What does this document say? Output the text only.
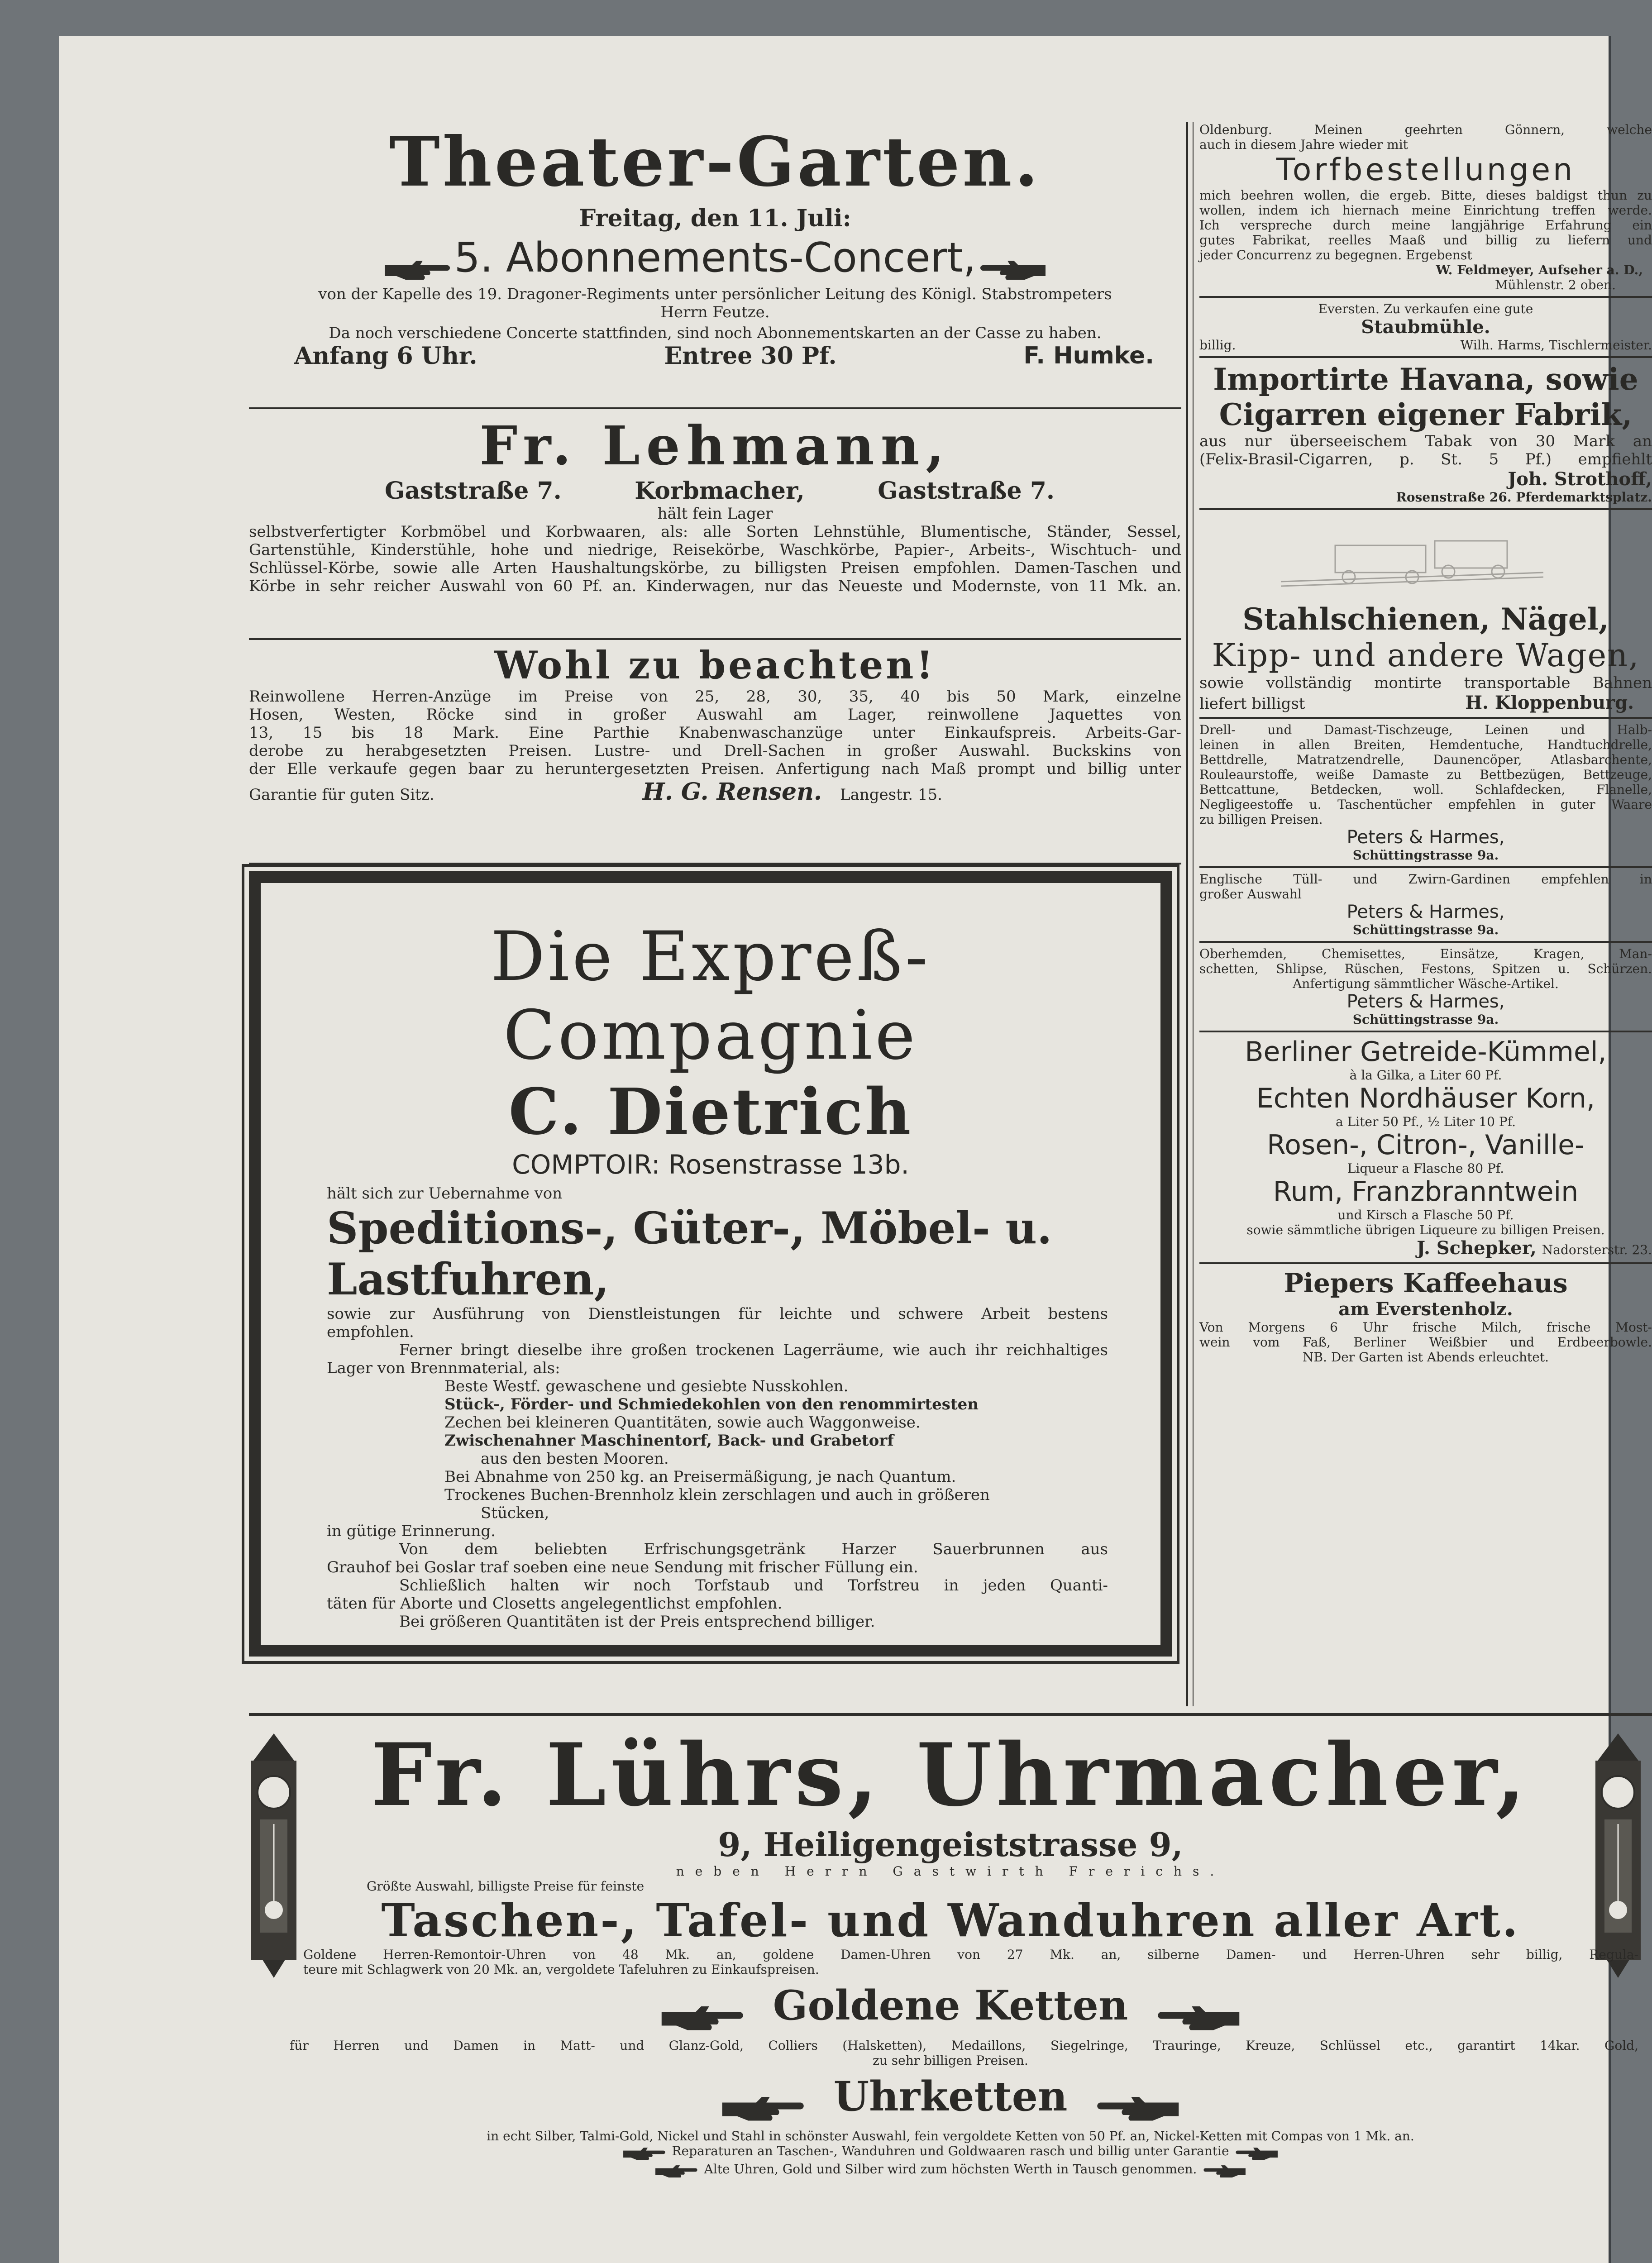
Theater-Garten.
Freitag, den 11. Juli:
5. Abonnements-Concert,
von der Kapelle des 19. Dragoner-Regiments unter persönlicher Leitung des Königl. Stabstrompeters
Herrn Feutze.
Da noch verschiedene Concerte stattfinden, sind noch Abonnementskarten an der Casse zu haben.
Anfang 6 Uhr.	Entree 30 Pf.	F. Humke.
Fr. Lehmann,
Gaststraße 7.	Korbmacher,	Gaststraße 7.
hält fein Lager
selbstverfertigter Korbmöbel und Korbwaaren, als: alle Sorten Lehnstühle, Blumentische, Ständer, Sessel,
Gartenstühle, Kinderstühle, hohe und niedrige, Reisekörbe, Waschkörbe, Papier-, Arbeits-, Wischtuch- und
Schlüssel-Körbe, sowie alle Arten Haushaltungskörbe, zu billigsten Preisen empfohlen. Damen-Taschen und
Körbe in sehr reicher Auswahl von 60 Pf. an. Kinderwagen, nur das Neueste und Modernste, von 11 Mk. an.
Wohl zu beachten!
Reinwollene Herren-Anzüge im Preise von 25, 28, 30, 35, 40 bis 50 Mark, einzelne
Hosen, Westen, Röcke sind in großer Auswahl am Lager, reinwollene Jaquettes von
13, 15 bis 18 Mark. Eine Parthie Knabenwaschanzüge unter Einkaufspreis. Arbeits-Gar-
derobe zu herabgesetzten Preisen. Lustre- und Drell-Sachen in großer Auswahl. Buckskins von
der Elle verkaufe gegen baar zu heruntergesetzten Preisen. Anfertigung nach Maß prompt und billig unter
Garantie für guten Sitz.	H. G. Rensen. Langestr. 15.
Die Expreß-Compagnie
C. Dietrich
COMPTOIR: Rosenstrasse 13b.
hält sich zur Uebernahme von
Speditions-, Güter-, Möbel- u. Lastfuhren,
sowie zur Ausführung von Dienstleistungen für leichte und schwere Arbeit bestens
empfohlen.
Ferner bringt dieselbe ihre großen trockenen Lagerräume, wie auch ihr reichhaltiges
Lager von Brennmaterial, als:
Beste Westf. gewaschene und gesiebte Nusskohlen.
Stück-, Förder- und Schmiedekohlen von den renommirtesten
Zechen bei kleineren Quantitäten, sowie auch Waggonweise.
Zwischenahner Maschinentorf, Back- und Grabetorf
aus den besten Mooren.
Bei Abnahme von 250 kg. an Preisermäßigung, je nach Quantum.
Trockenes Buchen-Brennholz klein zerschlagen und auch in größeren
Stücken,
in gütige Erinnerung.
Von dem beliebten Erfrischungsgetränk Harzer Sauerbrunnen aus
Grauhof bei Goslar traf soeben eine neue Sendung mit frischer Füllung ein.
Schließlich halten wir noch Torfstaub und Torfstreu in jeden Quanti-
täten für Aborte und Closetts angelegentlichst empfohlen.
Bei größeren Quantitäten ist der Preis entsprechend billiger.
Oldenburg. Meinen geehrten Gönnern, welche
auch in diesem Jahre wieder mit
Torfbestellungen
mich beehren wollen, die ergeb. Bitte, dieses baldigst thun zu
wollen, indem ich hiernach meine Einrichtung treffen werde.
Ich verspreche durch meine langjährige Erfahrung ein
gutes Fabrikat, reelles Maaß und billig zu liefern und
jeder Concurrenz zu begegnen. Ergebenst
W. Feldmeyer, Aufseher a. D.,
Mühlenstr. 2 oben.
Eversten. Zu verkaufen eine gute
Staubmühle.
billig.	Wilh. Harms, Tischlermeister.
Importirte Havana, sowie
Cigarren eigener Fabrik,
aus nur überseeischem Tabak von 30 Mark an
(Felix-Brasil-Cigarren, p. St. 5 Pf.) empfiehlt
Joh. Strothoff,
Rosenstraße 26. Pferdemarktsplatz.
Stahlschienen, Nägel,
Kipp- und andere Wagen,
sowie vollständig montirte transportable Bahnen
liefert billigst	H. Kloppenburg.
Drell- und Damast-Tischzeuge, Leinen und Halb-
leinen in allen Breiten, Hemdentuche, Handtuchdrelle,
Bettdrelle, Matratzendrelle, Daunencöper, Atlasbarchente,
Rouleaurstoffe, weiße Damaste zu Bettbezügen, Bettzeuge,
Bettcattune, Betdecken, woll. Schlafdecken, Flanelle,
Negligeestoffe u. Taschentücher empfehlen in guter Waare
zu billigen Preisen.
Peters & Harmes,
Schüttingstrasse 9a.
Englische Tüll- und Zwirn-Gardinen empfehlen in
großer Auswahl
Peters & Harmes,
Schüttingstrasse 9a.
Oberhemden, Chemisettes, Einsätze, Kragen, Man-
schetten, Shlipse, Rüschen, Festons, Spitzen u. Schürzen.
Anfertigung sämmtlicher Wäsche-Artikel.
Peters & Harmes,
Schüttingstrasse 9a.
Berliner Getreide-Kümmel,
à la Gilka, a Liter 60 Pf.
Echten Nordhäuser Korn,
a Liter 50 Pf., ½ Liter 10 Pf.
Rosen-, Citron-, Vanille-
Liqueur a Flasche 80 Pf.
Rum, Franzbranntwein
und Kirsch a Flasche 50 Pf.
sowie sämmtliche übrigen Liqueure zu billigen Preisen.
J. Schepker, Nadorsterstr. 23.
Piepers Kaffeehaus
am Everstenholz.
Von Morgens 6 Uhr frische Milch, frische Most-
wein vom Faß, Berliner Weißbier und Erdbeerbowle.
NB. Der Garten ist Abends erleuchtet.
Fr. Lührs, Uhrmacher,
9, Heiligengeiststrasse 9,
neben Herrn Gastwirth Frerichs.
Größte Auswahl, billigste Preise für feinste
Taschen-, Tafel- und Wanduhren aller Art.
Goldene Herren-Remontoir-Uhren von 48 Mk. an, goldene Damen-Uhren von 27 Mk. an, silberne Damen- und Herren-Uhren sehr billig, Regula-
teure mit Schlagwerk von 20 Mk. an, vergoldete Tafeluhren zu Einkaufspreisen.
Goldene Ketten
für Herren und Damen in Matt- und Glanz-Gold, Colliers (Halsketten), Medaillons, Siegelringe, Trauringe, Kreuze, Schlüssel etc., garantirt 14kar. Gold,
zu sehr billigen Preisen.
Uhrketten
in echt Silber, Talmi-Gold, Nickel und Stahl in schönster Auswahl, fein vergoldete Ketten von 50 Pf. an, Nickel-Ketten mit Compas von 1 Mk. an.
Reparaturen an Taschen-, Wanduhren und Goldwaaren rasch und billig unter Garantie
Alte Uhren, Gold und Silber wird zum höchsten Werth in Tausch genommen.
